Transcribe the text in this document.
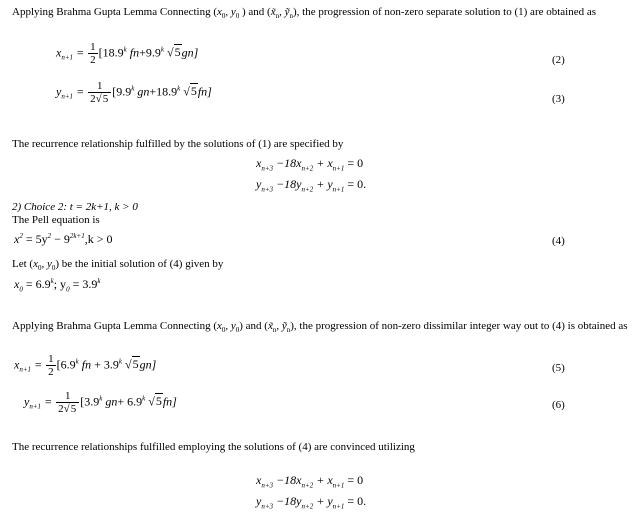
Applying Brahma Gupta Lemma Connecting ($x_0$, $y_0$ ) and ($x̃_n$, $ỹ_n$), the progression of non-zero separate solution to (1) are obtained as
$x_{n+1} = \frac{1}{2} [18.9^k$ $fn+9.9^k$ √5gn]
(2)
$y_{n+1} = \frac{1}{2√5} [9.9^k$ $gn+18.9^k$ √5fn]
(3)
The recurrence relationship fulfilled by the solutions of (1) are specified by
$x_{n+3} -18x_{n+2} + x_{n+1} = 0$
$y_{n+3} -18y_{n+2} + y_{n+1} = 0$.
2) Choice 2: t = 2k+1, k > 0
The Pell equation is
$x^2 = 5y^2 - 9^{2k+1},k > 0$	(4)
Let ($x_0$, $y_0$) be the initial solution of (4) given by
$x_0 = 6.9^k$; $y_0 = 3.9^k$
Applying Brahma Gupta Lemma Connecting ($x_0$, $y_0$) and ($x̃_n$, $ỹ_n$), the progression of non-zero dissimilar integer way out to (4) is obtained as
$x_{n+1} = \frac{1}{2} [6.9^k$ fn + $3.9^k$ √5gn]	(5)
$y_{n+1} = \frac{1}{2√5} [3.9^k$ $gn+ 6.9^k$ √5fn]	(6)
The recurrence relationships fulfilled employing the solutions of (4) are convinced utilizing
$x_{n+3} -18x_{n+2} + x_{n+1} = 0$
$y_{n+3} -18y_{n+2} + y_{n+1} = 0$.
